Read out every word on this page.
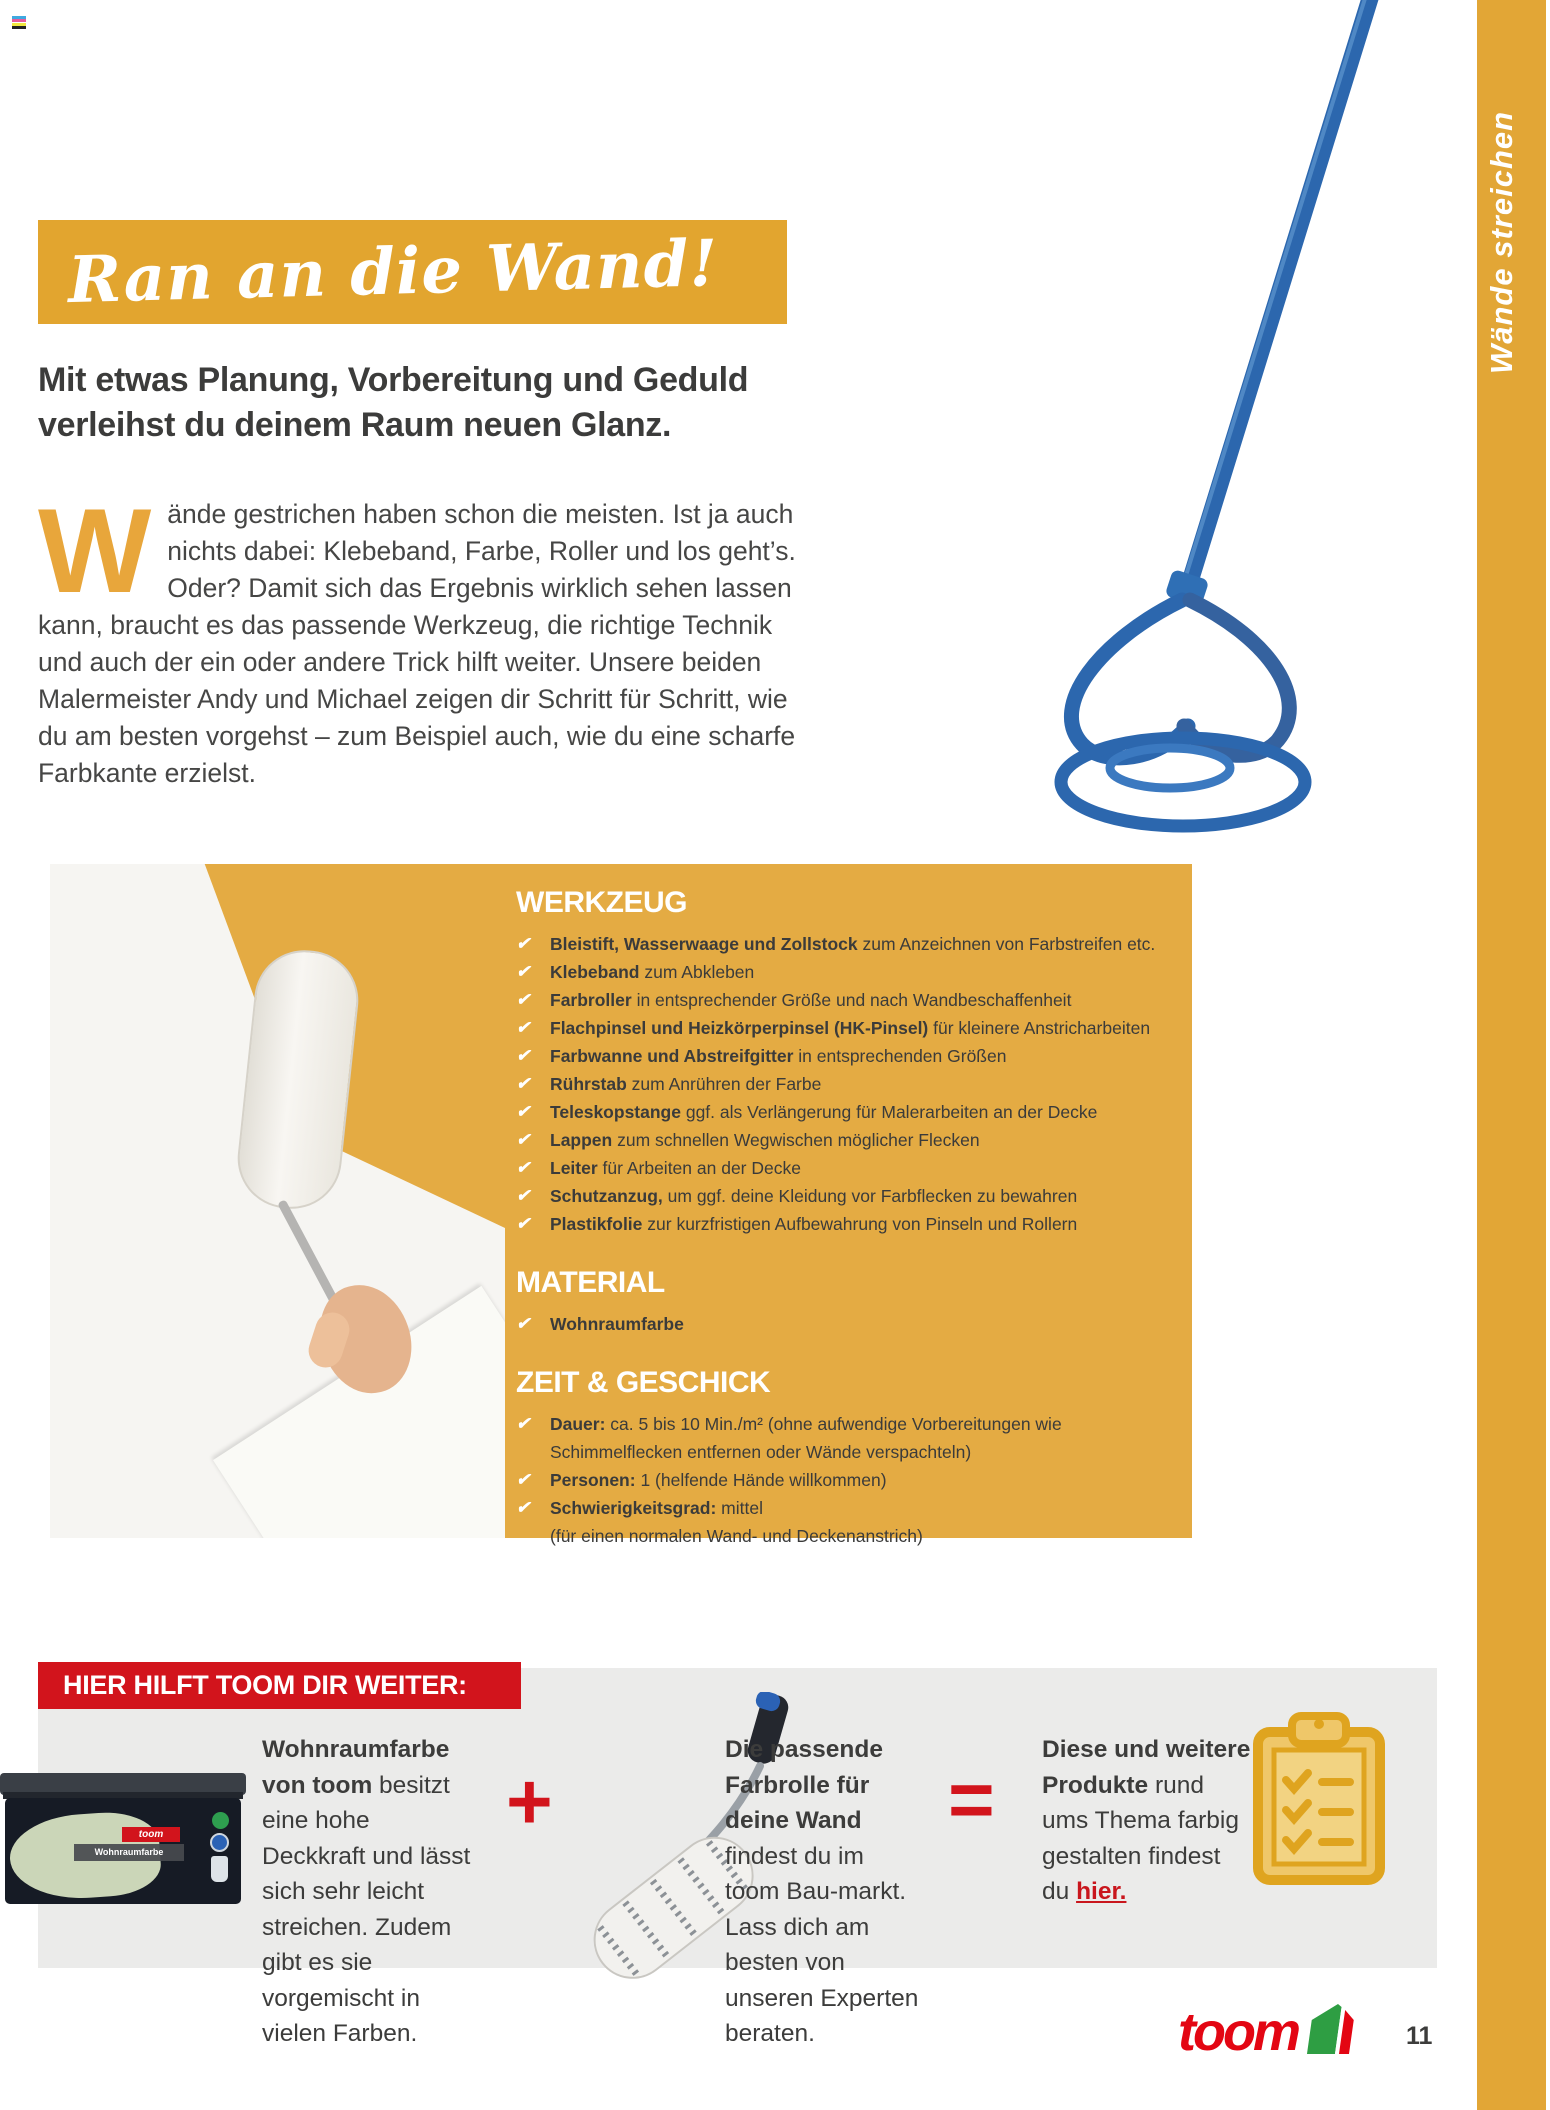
Wände streichen
Ran an die Wand!
Mit etwas Planung, Vorbereitung und Geduld
verleihst du deinem Raum neuen Glanz.
Wände gestrichen haben schon die meisten. Ist ja auch nichts dabei: Klebeband, Farbe, Roller und los geht’s. Oder? Damit sich das Ergebnis wirklich sehen lassen kann, braucht es das passende Werkzeug, die richtige Technik und auch der ein oder andere Trick hilft weiter. Unsere beiden Malermeister Andy und Michael zeigen dir Schritt für Schritt, wie du am besten vorgehst – zum Beispiel auch, wie du eine scharfe Farbkante erzielst.
WERKZEUG
✔ Bleistift, Wasserwaage und Zollstock zum Anzeichnen von Farbstreifen etc.
✔ Klebeband zum Abkleben
✔ Farbroller in entsprechender Größe und nach Wandbeschaffenheit
✔ Flachpinsel und Heizkörperpinsel (HK-Pinsel) für kleinere Anstricharbeiten
✔ Farbwanne und Abstreifgitter in entsprechenden Größen
✔ Rührstab zum Anrühren der Farbe
✔ Teleskopstange ggf. als Verlängerung für Malerarbeiten an der Decke
✔ Lappen zum schnellen Wegwischen möglicher Flecken
✔ Leiter für Arbeiten an der Decke
✔ Schutzanzug, um ggf. deine Kleidung vor Farbflecken zu bewahren
✔ Plastikfolie zur kurzfristigen Aufbewahrung von Pinseln und Rollern
MATERIAL
✔ Wohnraumfarbe
ZEIT & GESCHICK
✔ Dauer: ca. 5 bis 10 Min./m² (ohne aufwendige Vorbereitungen wie
Schimmelflecken entfernen oder Wände verspachteln)
✔ Personen: 1 (helfende Hände willkommen)
✔ Schwierigkeitsgrad: mittel
(für einen normalen Wand- und Deckenanstrich)
HIER HILFT TOOM DIR WEITER:
toom
Wohnraumfarbe
Wohnraumfarbe von toom besitzt eine hohe Deckkraft und lässt sich sehr leicht streichen. Zudem gibt es sie vorgemischt in vielen Farben.
+
Die passende Farbrolle für deine Wand findest du im toom Bau-markt. Lass dich am besten von unseren Experten beraten.
=
Diese und weitere Produkte rund ums Thema farbig gestalten findest du hier.
toom	11
